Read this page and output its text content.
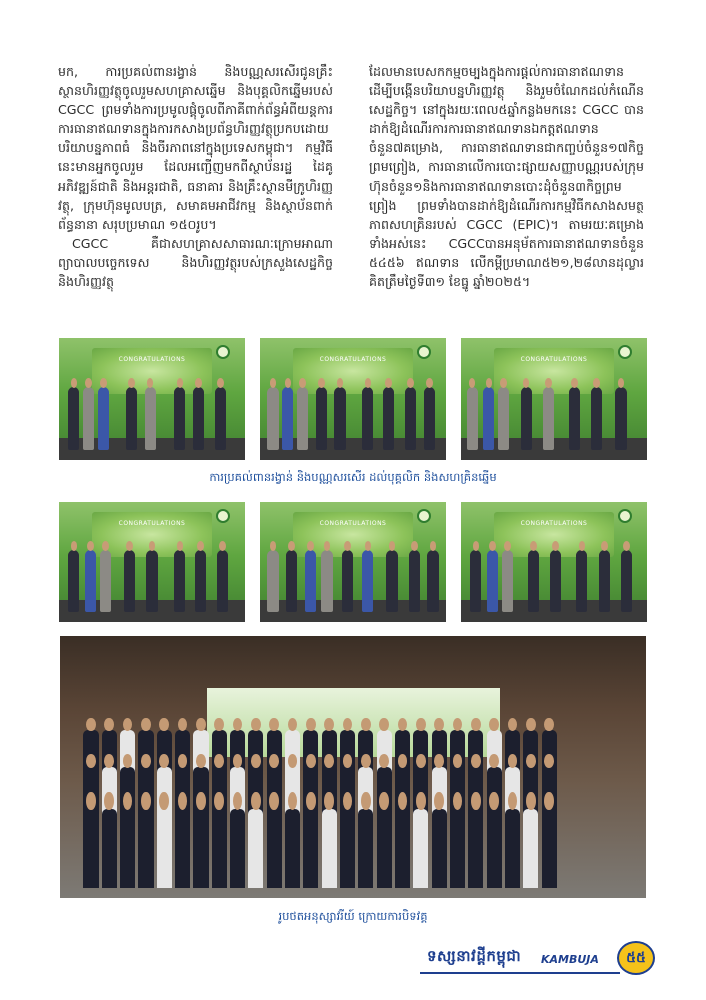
មក, ការប្រគល់ពានរង្វាន់ និងបណ្ណសរសើរជូនគ្រឹះស្ថានហិរញ្ញវត្ថុចូលរួមសហគ្រាសឆ្នើម និងបុគ្គលិកឆ្នើមរបស់ CGCC ព្រមទាំងការប្រមូលផ្តុំចូលពីភាគីពាក់ព័ន្ធអំពីយន្តការការធានាឥណទានក្នុងការកសាងប្រព័ន្ធហិរញ្ញវត្ថុប្រកបដោយបរិយាបន្នភាពធំ និងចីរភាពនៅក្នុងប្រទេសកម្ពុជា។ កម្មវិធីនេះមានអ្នកចូលរួម ដែលអញ្ជើញមកពីស្ថាប័នរដ្ឋ ដៃគូអភិវឌ្ឍន៍ជាតិ និងអន្តរជាតិ, ធនាគារ និងគ្រឹះស្ថានមីក្រូហិរញ្ញវត្ថុ, ក្រុមហ៊ុនមូលបត្រ, សមាគមអាជីវកម្ម និងស្ថាប័នពាក់ព័ន្ធនានា សរុបប្រមាណ ១៥០រូប។

CGCC គឺជាសហគ្រាសសាធារណៈក្រោមអាណាព្យាបាលបច្ចេកទេស និងហិរញ្ញវត្ថុរបស់ក្រសួងសេដ្ឋកិច្ច និងហិរញ្ញវត្ថុ

ដែលមានបេសកកម្មចម្បងក្នុងការផ្តល់ការធានាឥណទាន ដើម្បីបង្កើនបរិយាបន្នហិរញ្ញវត្ថុ និងរួមចំណែកដល់កំណើនសេដ្ឋកិច្ច។ នៅក្នុងរយៈពេល៥ឆ្នាំកន្លងមកនេះ CGCC បានដាក់ឱ្យដំណើរការការធានាឥណទានឯកត្តឥណទានចំនួន៧គម្រោង, ការធានាឥណទានជាកញ្ចប់ចំនួន១៧កិច្ចព្រមព្រៀង, ការធានាលើការបោះផ្សាយសញ្ញាបណ្ណរបស់ក្រុមហ៊ុនចំនួន១និងការធានាឥណទានបោះដុំចំនួន៣កិច្ចព្រមព្រៀង ព្រមទាំងបានដាក់ឱ្យដំណើរការកម្មវិធីកសាងសមត្ថភាពសហគ្រិនរបស់ CGCC (EPIC)។ តាមរយៈគម្រោងទាំងអស់នេះ CGCCបានអនុម័តការធានាឥណទានចំនួន ៥៤៥៦ ឥណទាន លើកម្ពីប្រមាណ៥២១,២៨លានដុល្លារ គិតត្រឹមថ្ងៃទី៣១ ខែធ្នូ ឆ្នាំ២០២៥។

CONGRATULATIONS	CONGRATULATIONS	CONGRATULATIONS
ការប្រគល់ពានរង្វាន់ និងបណ្ណសរសើរ ដល់បុគ្គលិក និងសហគ្រិនឆ្នើម
CONGRATULATIONS	CONGRATULATIONS	CONGRATULATIONS
រូបថតអនុស្សាវរីយ៍ ក្រោយការបិទវគ្គ
ទស្សនាវដ្តីកម្ពុជា KAMBUJA	៥៥
